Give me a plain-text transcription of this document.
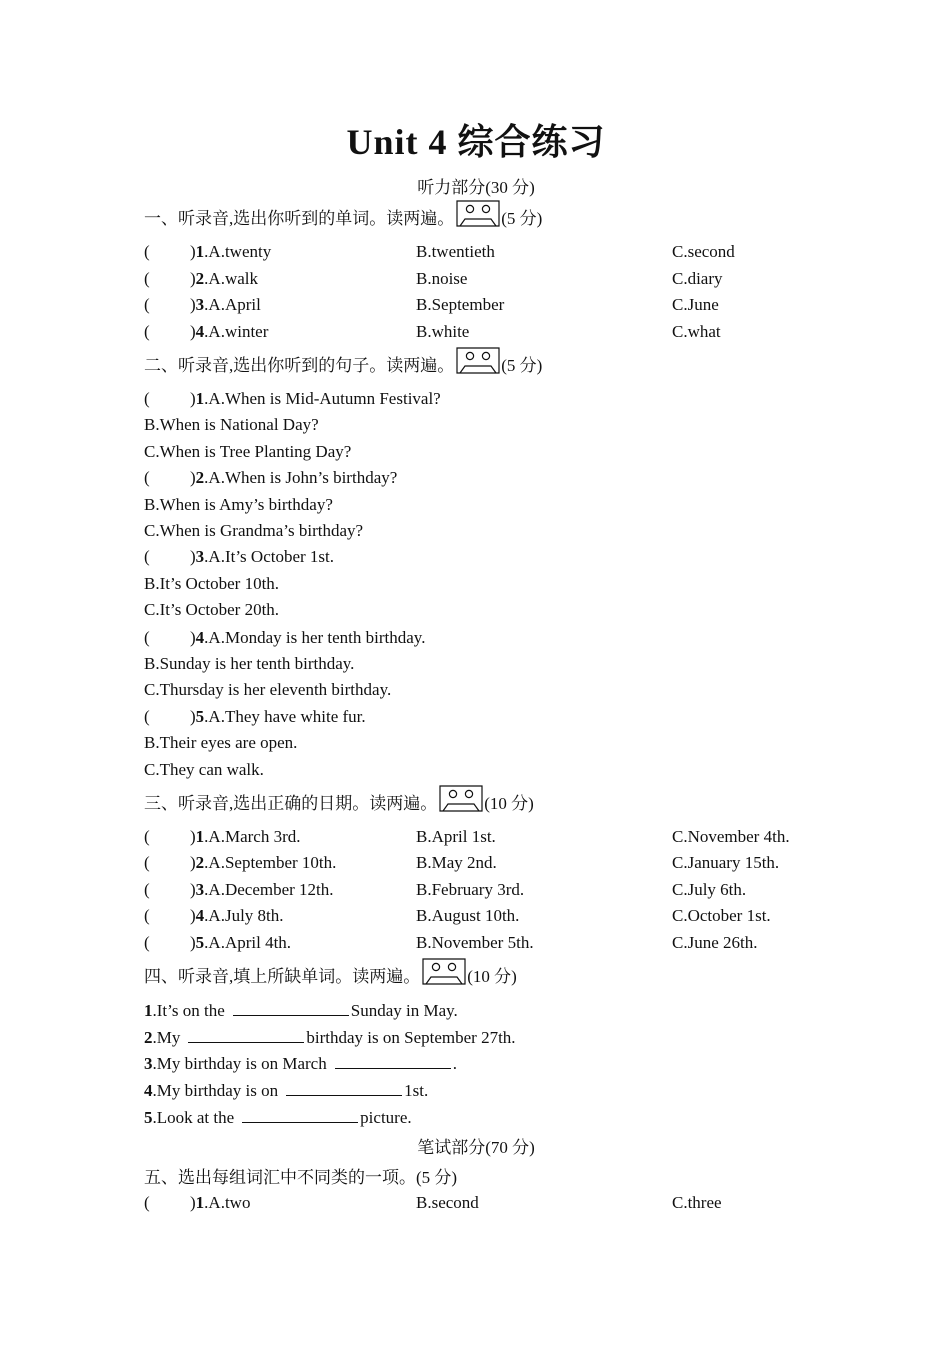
Unit 4 综合练习
听力部分(30 分)
一、听录音,选出你听到的单词。读两遍。	(5 分)
( )1.A.twenty	B.twentieth	C.second
( )2.A.walk	B.noise	C.diary
( )3.A.April	B.September	C.June
( )4.A.winter	B.white	C.what
二、听录音,选出你听到的句子。读两遍。	(5 分)
( )1.A.When is Mid-Autumn Festival?
B.When is National Day?
C.When is Tree Planting Day?
( )2.A.When is John’s birthday?
B.When is Amy’s birthday?
C.When is Grandma’s birthday?
( )3.A.It’s October 1st.
B.It’s October 10th.
C.It’s October 20th.
( )4.A.Monday is her tenth birthday.
B.Sunday is her tenth birthday.
C.Thursday is her eleventh birthday.
( )5.A.They have white fur.
B.Their eyes are open.
C.They can walk.
三、听录音,选出正确的日期。读两遍。	(10 分)
( )1.A.March 3rd.	B.April 1st.	C.November 4th.
( )2.A.September 10th.	B.May 2nd.	C.January 15th.
( )3.A.December 12th.	B.February 3rd.	C.July 6th.
( )4.A.July 8th.	B.August 10th.	C.October 1st.
( )5.A.April 4th.	B.November 5th.	C.June 26th.
四、听录音,填上所缺单词。读两遍。	(10 分)
1.It’s on the	Sunday in May.
2.My	birthday is on September 27th.
3.My birthday is on March	.
4.My birthday is on	1st.
5.Look at the	picture.
笔试部分(70 分)
五、选出每组词汇中不同类的一项。(5 分)
( )1.A.two	B.second	C.three
